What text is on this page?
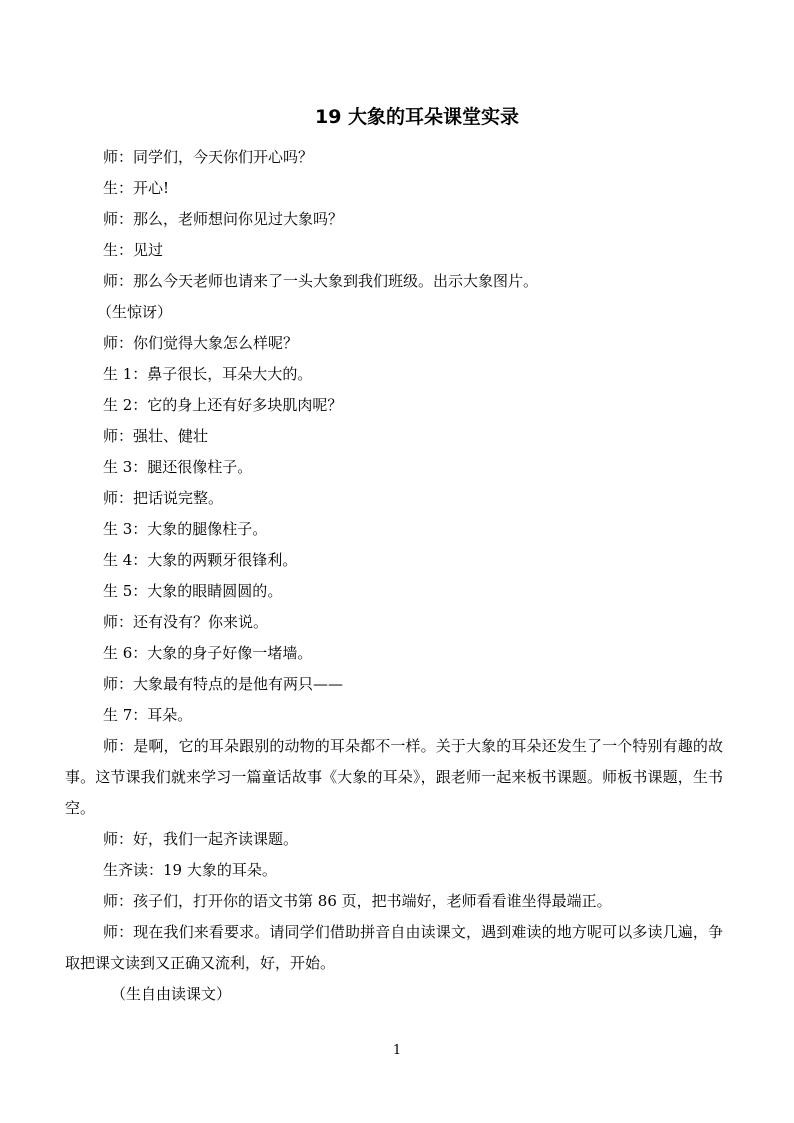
19 大象的耳朵课堂实录

师：同学们，今天你们开心吗？

生：开心!

师：那么，老师想问你见过大象吗？

生：见过

师：那么今天老师也请来了一头大象到我们班级。出示大象图片。

（生惊讶）

师：你们觉得大象怎么样呢？

生 1：鼻子很长，耳朵大大的。

生 2：它的身上还有好多块肌肉呢？

师：强壮、健壮

生 3：腿还很像柱子。

师：把话说完整。

生 3：大象的腿像柱子。

生 4：大象的两颗牙很锋利。

生 5：大象的眼睛圆圆的。

师：还有没有？你来说。

生 6：大象的身子好像一堵墙。

师：大象最有特点的是他有两只——

生 7：耳朵。

师：是啊，它的耳朵跟别的动物的耳朵都不一样。关于大象的耳朵还发生了一个特别有趣的故事。这节课我们就来学习一篇童话故事《大象的耳朵》，跟老师一起来板书课题。师板书课题，生书空。

师：好，我们一起齐读课题。

生齐读：19 大象的耳朵。

师：孩子们，打开你的语文书第 86 页，把书端好，老师看看谁坐得最端正。

师：现在我们来看要求。请同学们借助拼音自由读课文，遇到难读的地方呢可以多读几遍，争取把课文读到又正确又流利，好，开始。

（生自由读课文）

1
